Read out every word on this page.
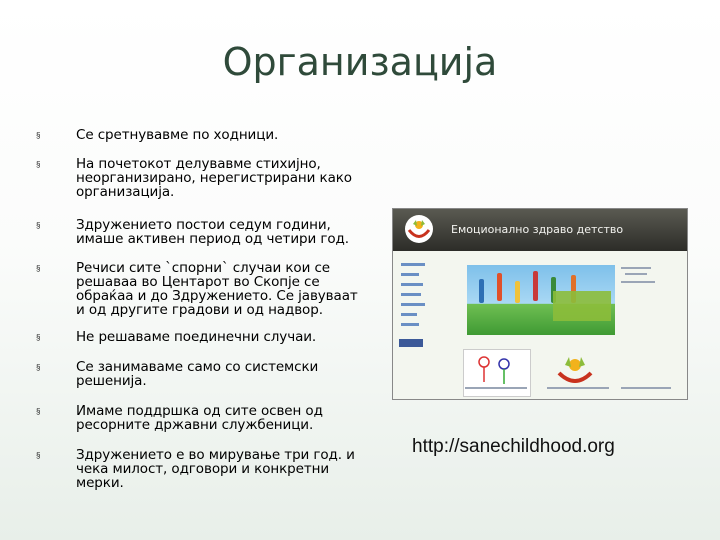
Организација
§	Се сретнувавме по ходници.
§	На почетокот делувавме стихијно, неорганизирано, нерегистрирани како организација.
§	Здружението постои седум години, имаше активен период од четири год.
§	Речиси сите `спорни` случаи кои се решаваа во Центарот во Скопје се обраќаа и до Здружението. Се јавуваат и од другите градови и од надвор.
§	Не решаваме поединечни случаи.
§	Се занимаваме само со системски решенија.
§	Имаме поддршка од сите освен од ресорните државни службеници.
§	Здружението е во мирување три год. и чека милост, одговори и конкретни мерки.
Емоционално здраво детство
http://sanechildhood.org
